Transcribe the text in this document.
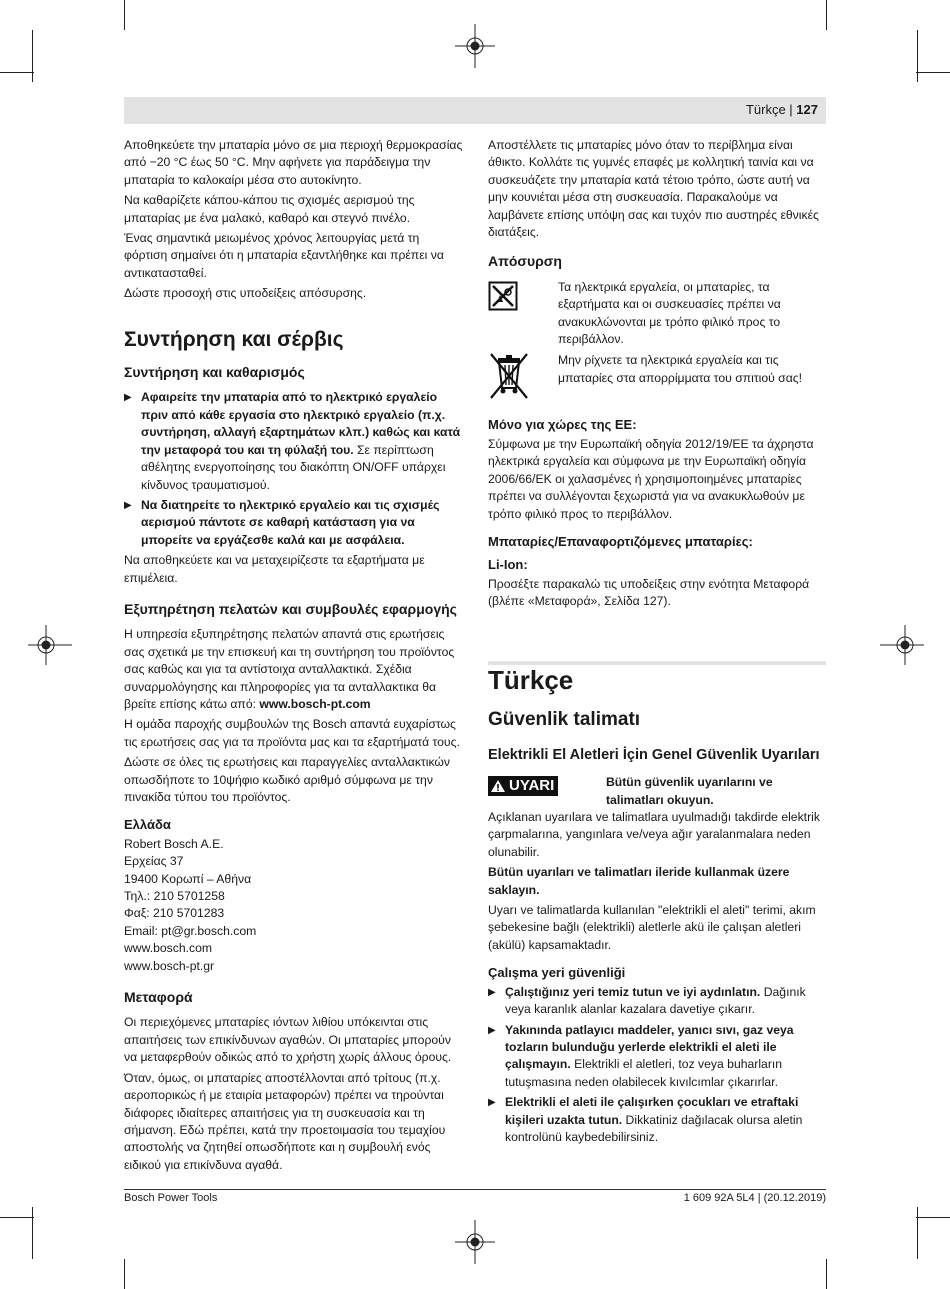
Türkçe | 127

Αποθηκεύετε την μπαταρία μόνο σε μια περιοχή θερμοκρασίας από −20 °C έως 50 °C. Μην αφήνετε για παράδειγμα την μπαταρία το καλοκαίρι μέσα στο αυτοκίνητο.

Να καθαρίζετε κάπου-κάπου τις σχισμές αερισμού της μπαταρίας με ένα μαλακό, καθαρό και στεγνό πινέλο.

Ένας σημαντικά μειωμένος χρόνος λειτουργίας μετά τη φόρτιση σημαίνει ότι η μπαταρία εξαντλήθηκε και πρέπει να αντικατασταθεί.

Δώστε προσοχή στις υποδείξεις απόσυρσης.

Συντήρηση και σέρβις
Συντήρηση και καθαρισμός
▶ Αφαιρείτε την μπαταρία από το ηλεκτρικό εργαλείο πριν από κάθε εργασία στο ηλεκτρικό εργαλείο (π.χ. συντήρηση, αλλαγή εξαρτημάτων κλπ.) καθώς και κατά την μεταφορά του και τη φύλαξή του. Σε περίπτωση αθέλητης ενεργοποίησης του διακόπτη ON/OFF υπάρχει κίνδυνος τραυματισμού.
▶ Να διατηρείτε το ηλεκτρικό εργαλείο και τις σχισμές αερισμού πάντοτε σε καθαρή κατάσταση για να μπορείτε να εργάζεσθε καλά και με ασφάλεια.

Να αποθηκεύετε και να μεταχειρίζεστε τα εξαρτήματα με επιμέλεια.

Εξυπηρέτηση πελατών και συμβουλές εφαρμογής

Η υπηρεσία εξυπηρέτησης πελατών απαντά στις ερωτήσεις σας σχετικά με την επισκευή και τη συντήρηση του προϊόντος σας καθώς και για τα αντίστοιχα ανταλλακτικά. Σχέδια συναρμολόγησης και πληροφορίες για τα ανταλλακτικα θα βρείτε επίσης κάτω από: www.bosch-pt.com

Η ομάδα παροχής συμβουλών της Bosch απαντά ευχαρίστως τις ερωτήσεις σας για τα προϊόντα μας και τα εξαρτήματά τους.

Δώστε σε όλες τις ερωτήσεις και παραγγελίες ανταλλακτικών οπωσδήποτε το 10ψήφιο κωδικό αριθμό σύμφωνα με την πινακίδα τύπου του προϊόντος.

Ελλάδα

Robert Bosch A.E.

Ερχείας 37

19400 Κορωπί – Αθήνα

Τηλ.: 210 5701258

Φαξ: 210 5701283

Email: pt@gr.bosch.com

www.bosch.com

www.bosch-pt.gr

Μεταφορά

Οι περιεχόμενες μπαταρίες ιόντων λιθίου υπόκεινται στις απαιτήσεις των επικίνδυνων αγαθών. Οι μπαταρίες μπορούν να μεταφερθούν οδικώς από το χρήστη χωρίς άλλους όρους.

Όταν, όμως, οι μπαταρίες αποστέλλονται από τρίτους (π.χ. αεροπορικώς ή με εταιρία μεταφορών) πρέπει να τηρούνται διάφορες ιδιαίτερες απαιτήσεις για τη συσκευασία και τη σήμανση. Εδώ πρέπει, κατά την προετοιμασία του τεμαχίου αποστολής να ζητηθεί οπωσδήποτε και η συμβουλή ενός ειδικού για επικίνδυνα αγαθά.

Αποστέλλετε τις μπαταρίες μόνο όταν το περίβλημα είναι άθικτο. Κολλάτε τις γυμνές επαφές με κολλητική ταινία και να συσκευάζετε την μπαταρία κατά τέτοιο τρόπο, ώστε αυτή να μην κουνιέται μέσα στη συσκευασία. Παρακαλούμε να λαμβάνετε επίσης υπόψη σας και τυχόν πιο αυστηρές εθνικές διατάξεις.

Απόσυρση
Τα ηλεκτρικά εργαλεία, οι μπαταρίες, τα εξαρτήματα και οι συσκευασίες πρέπει να ανακυκλώνονται με τρόπο φιλικό προς το περιβάλλον.
Μην ρίχνετε τα ηλεκτρικά εργαλεία και τις μπαταρίες στα απορρίμματα του σπιτιού σας!
Μόνο για χώρες της ΕΕ:

Σύμφωνα με την Ευρωπαϊκή οδηγία 2012/19/ΕΕ τα άχρηστα ηλεκτρικά εργαλεία και σύμφωνα με την Ευρωπαϊκή οδηγία 2006/66/ΕΚ οι χαλασμένες ή χρησιμοποιημένες μπαταρίες πρέπει να συλλέγονται ξεχωριστά για να ανακυκλωθούν με τρόπο φιλικό προς το περιβάλλον.

Μπαταρίες/Επαναφορτιζόμενες μπαταρίες:
Li-Ion:

Προσέξτε παρακαλώ τις υποδείξεις στην ενότητα Μεταφορά (βλέπε «Μεταφορά», Σελίδα 127).

Türkçe
Güvenlik talimatı
Elektrikli El Aletleri İçin Genel Güvenlik Uyarıları
UYARI	Bütün güvenlik uyarılarını ve talimatları okuyun.

Açıklanan uyarılara ve talimatlara uyulmadığı takdirde elektrik çarpmalarına, yangınlara ve/veya ağır yaralanmalara neden olunabilir.

Bütün uyarıları ve talimatları ileride kullanmak üzere saklayın.

Uyarı ve talimatlarda kullanılan "elektrikli el aleti" terimi, akım şebekesine bağlı (elektrikli) aletlerle akü ile çalışan aletleri (akülü) kapsamaktadır.

Çalışma yeri güvenliği
▶ Çalıştığınız yeri temiz tutun ve iyi aydınlatın. Dağınık veya karanlık alanlar kazalara davetiye çıkarır.
▶ Yakınında patlayıcı maddeler, yanıcı sıvı, gaz veya tozların bulunduğu yerlerde elektrikli el aleti ile çalışmayın. Elektrikli el aletleri, toz veya buharların tutuşmasına neden olabilecek kıvılcımlar çıkarırlar.
▶ Elektrikli el aleti ile çalışırken çocukları ve etraftaki kişileri uzakta tutun. Dikkatiniz dağılacak olursa aletin kontrolünü kaybedebilirsiniz.
Bosch Power Tools	1 609 92A 5L4 | (20.12.2019)
